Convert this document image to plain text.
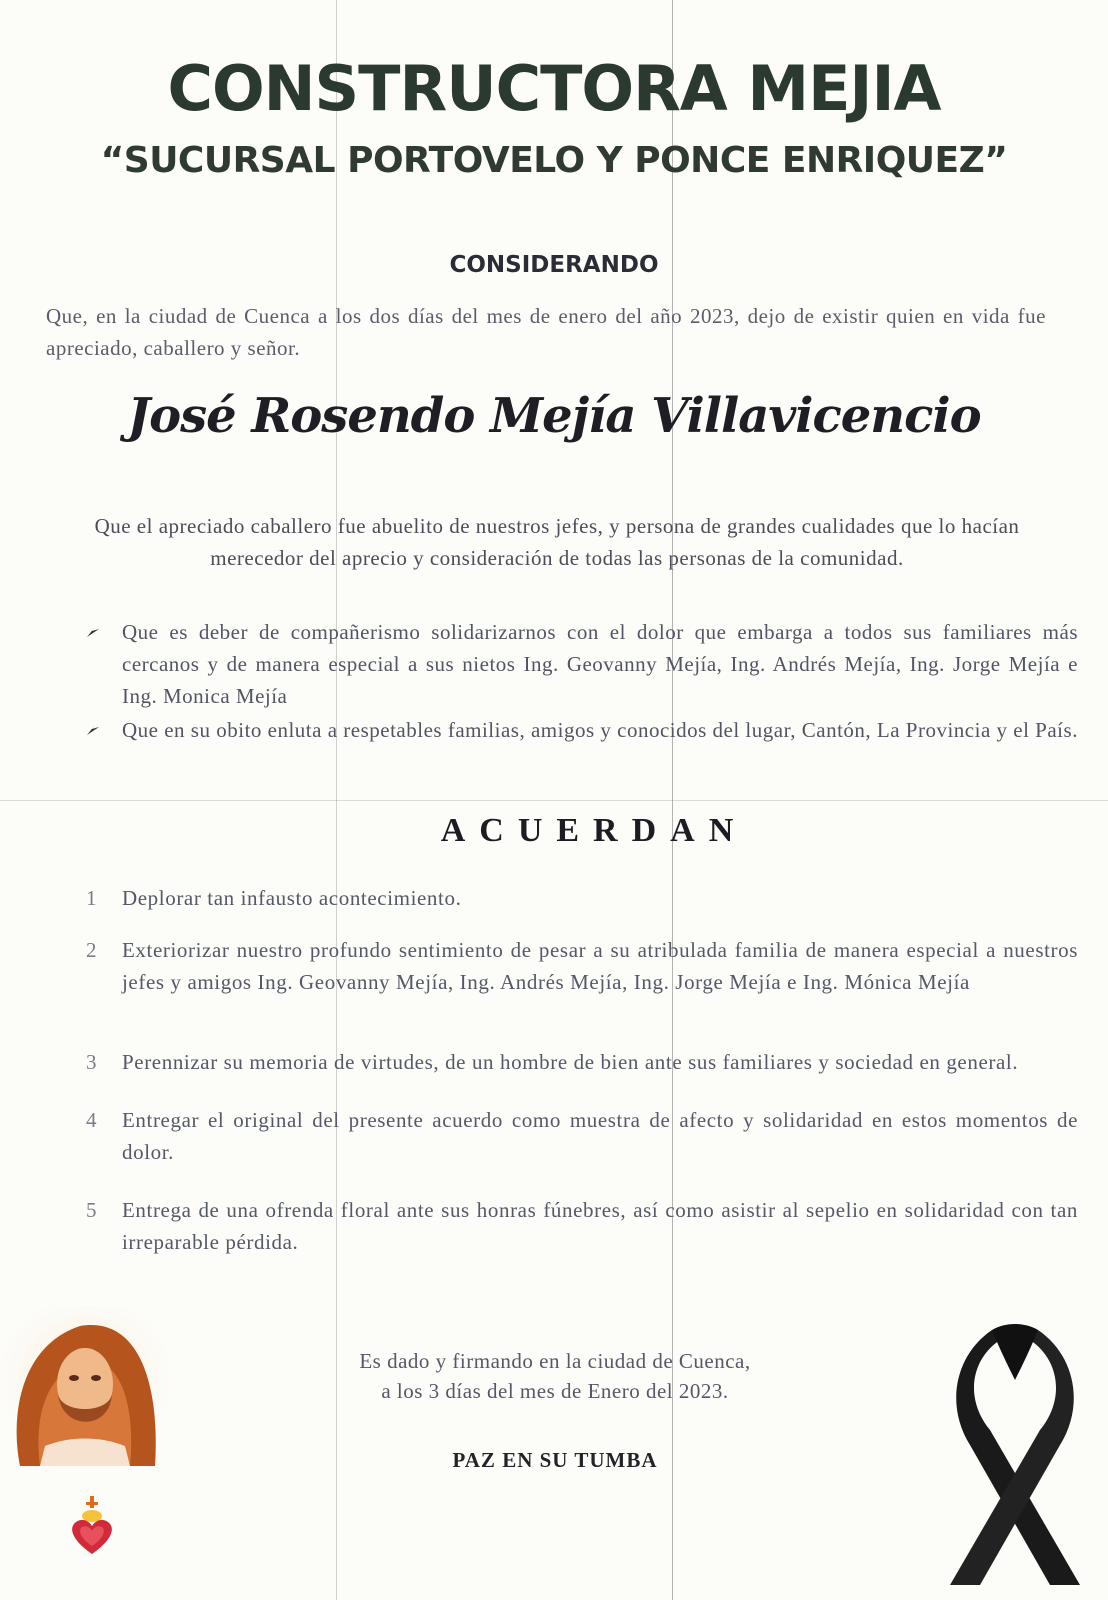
CONSTRUCTORA MEJIA
“SUCURSAL PORTOVELO Y PONCE ENRIQUEZ”
CONSIDERANDO
Que, en la ciudad de Cuenca a los dos días del mes de enero del año 2023, dejo de existir quien en vida fue apreciado, caballero y señor.
José Rosendo Mejía Villavicencio
Que el apreciado caballero fue abuelito de nuestros jefes, y persona de grandes cualidades que lo hacían merecedor del aprecio y consideración de todas las personas de la comunidad.
Que es deber de compañerismo solidarizarnos con el dolor que embarga a todos sus familiares más cercanos y de manera especial a sus nietos Ing. Geovanny Mejía, Ing. Andrés Mejía, Ing. Jorge Mejía e Ing. Monica Mejía
Que en su obito enluta a respetables familias, amigos y conocidos del lugar, Cantón, La Provincia y el País.
ACUERDAN
1 Deplorar tan infausto acontecimiento.
2 Exteriorizar nuestro profundo sentimiento de pesar a su atribulada familia de manera especial a nuestros jefes y amigos Ing. Geovanny Mejía, Ing. Andrés Mejía, Ing. Jorge Mejía e Ing. Mónica Mejía
3 Perennizar su memoria de virtudes, de un hombre de bien ante sus familiares y sociedad en general.
4 Entregar el original del presente acuerdo como muestra de afecto y solidaridad en estos momentos de dolor.
5 Entrega de una ofrenda floral ante sus honras fúnebres, así como asistir al sepelio en solidaridad con tan irreparable pérdida.
Es dado y firmando en la ciudad de Cuenca,
a los 3 días del mes de Enero del 2023.
PAZ EN SU TUMBA
